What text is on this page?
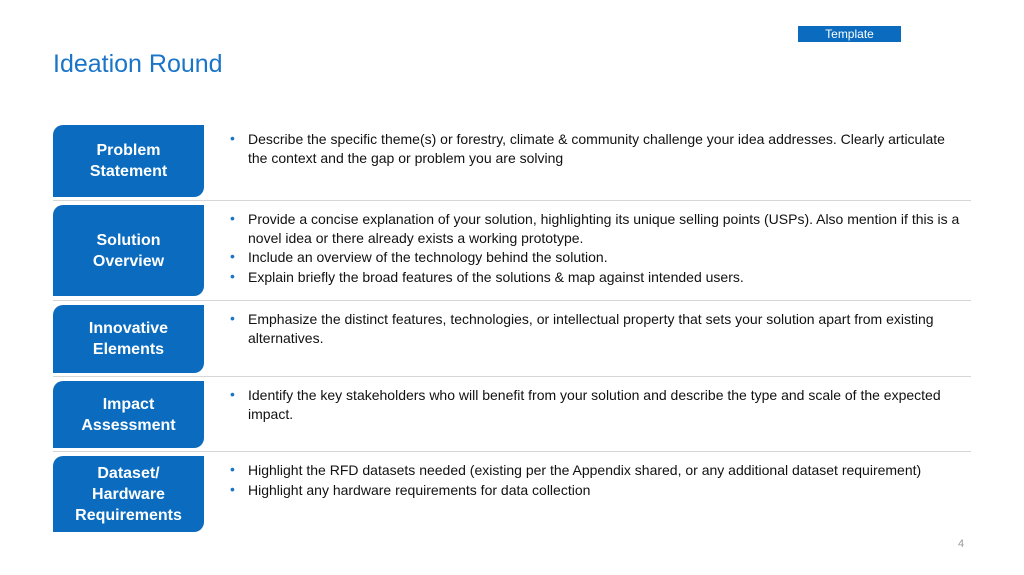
Template
Ideation Round
Problem
Statement
• Describe the specific theme(s) or forestry, climate & community challenge your idea addresses. Clearly articulate the context and the gap or problem you are solving
Solution
Overview
• Provide a concise explanation of your solution, highlighting its unique selling points (USPs). Also mention if this is a novel idea or there already exists a working prototype.
• Include an overview of the technology behind the solution.
• Explain briefly the broad features of the solutions & map against intended users.
Innovative
Elements
• Emphasize the distinct features, technologies, or intellectual property that sets your solution apart from existing alternatives.
Impact
Assessment
• Identify the key stakeholders who will benefit from your solution and describe the type and scale of the expected impact.
Dataset/
Hardware
Requirements
• Highlight the RFD datasets needed (existing per the Appendix shared, or any additional dataset requirement)
• Highlight any hardware requirements for data collection
4
